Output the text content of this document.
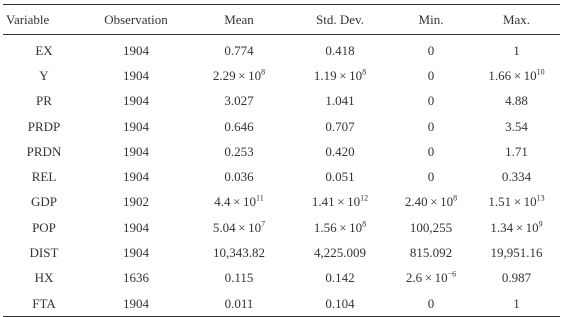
Variable	Observation	Mean	Std. Dev.	Min.	Max.
EX	1904	0.774	0.418	0	1
Y	1904	$2.29 \times 10^8$	$1.19 \times 10^8$	0	$1.66 \times 10^{10}$
PR	1904	3.027	1.041	0	4.88
PRDP	1904	0.646	0.707	0	3.54
PRDN	1904	0.253	0.420	0	1.71
REL	1904	0.036	0.051	0	0.334
GDP	1902	$4.4 \times 10^{11}$	$1.41 \times 10^{12}$	$2.40 \times 10^8$	$1.51 \times 10^{13}$
POP	1904	$5.04 \times 10^7$	$1.56 \times 10^8$	100,255	$1.34 \times 10^9$
DIST	1904	10,343.82	4,225.009	815.092	19,951.16
HX	1636	0.115	0.142	$2.6 \times 10^{-6}$	0.987
FTA	1904	0.011	0.104	0	1
